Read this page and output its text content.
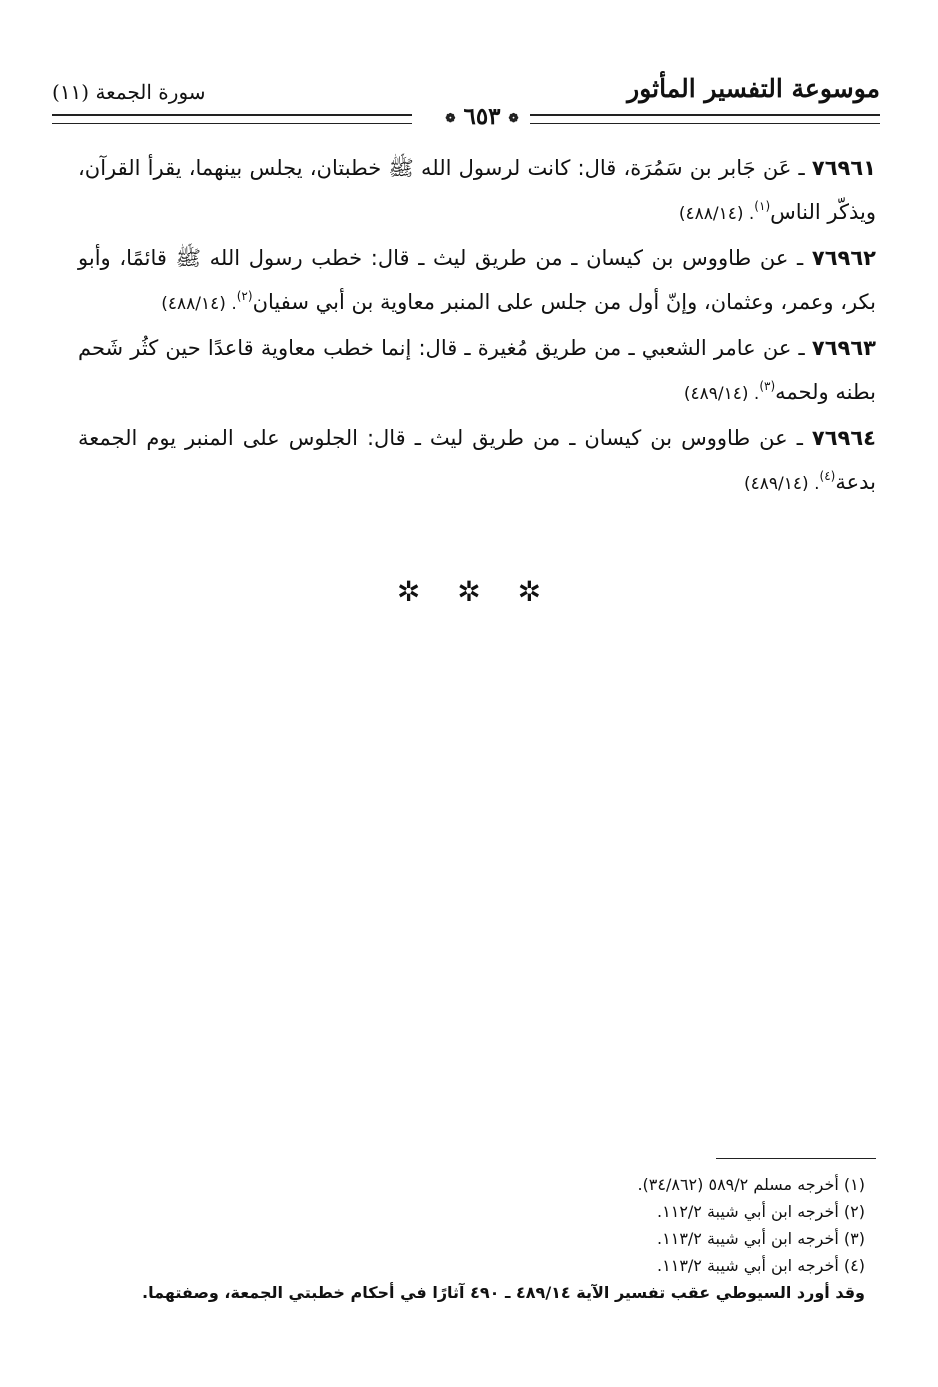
موسوعة التفسير المأثور
سورة الجمعة (١١)
❁ ٦٥٣ ❁

٧٦٩٦١ ـ عَن جَابر بن سَمُرَة، قال: كانت لرسول الله ﷺ خطبتان، يجلس بينهما، يقرأ القرآن، ويذكّر الناس$^{(١)}$. (٤٨٨/١٤)

٧٦٩٦٢ ـ عن طاووس بن كيسان ـ من طريق ليث ـ قال: خطب رسول الله ﷺ قائمًا، وأبو بكر، وعمر، وعثمان، وإنّ أول من جلس على المنبر معاوية بن أبي سفيان$^{(٢)}$. (٤٨٨/١٤)

٧٦٩٦٣ ـ عن عامر الشعبي ـ من طريق مُغيرة ـ قال: إنما خطب معاوية قاعدًا حين كثُر شَحم بطنه ولحمه$^{(٣)}$. (٤٨٩/١٤)

٧٦٩٦٤ ـ عن طاووس بن كيسان ـ من طريق ليث ـ قال: الجلوس على المنبر يوم الجمعة بدعة$^{(٤)}$. (٤٨٩/١٤)

✲ ✲ ✲

(١) أخرجه مسلم ٥٨٩/٢ (٣٤/٨٦٢).

(٢) أخرجه ابن أبي شيبة ١١٢/٢.

(٣) أخرجه ابن أبي شيبة ١١٣/٢.

(٤) أخرجه ابن أبي شيبة ١١٣/٢.

وقد أورد السيوطي عقب تفسير الآية ٤٨٩/١٤ ـ ٤٩٠ آثارًا في أحكام خطبتي الجمعة، وصفتهما.
